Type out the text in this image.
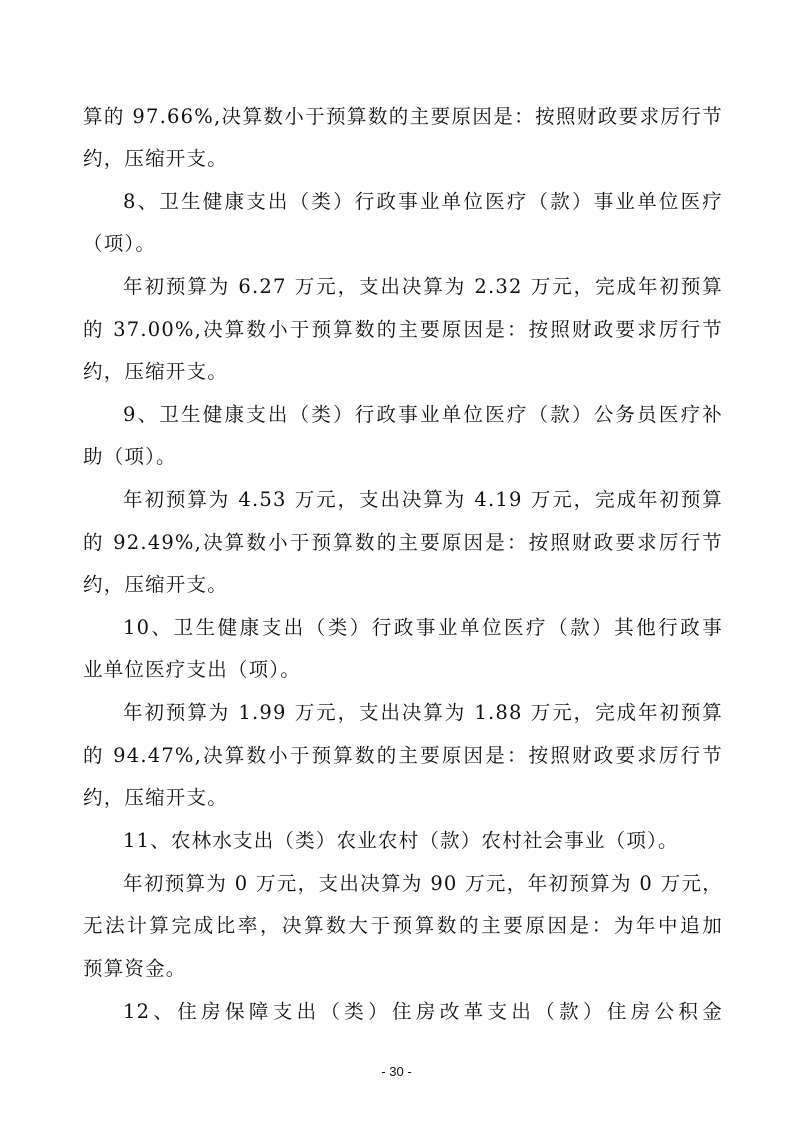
算的 97.66%,决算数小于预算数的主要原因是：按照财政要求厉行节
约，压缩开支。
8、卫生健康支出（类）行政事业单位医疗（款）事业单位医疗
（项）。
年初预算为 6.27 万元，支出决算为 2.32 万元，完成年初预算
的 37.00%,决算数小于预算数的主要原因是：按照财政要求厉行节
约，压缩开支。
9、卫生健康支出（类）行政事业单位医疗（款）公务员医疗补
助（项）。
年初预算为 4.53 万元，支出决算为 4.19 万元，完成年初预算
的 92.49%,决算数小于预算数的主要原因是：按照财政要求厉行节
约，压缩开支。
10、卫生健康支出（类）行政事业单位医疗（款）其他行政事
业单位医疗支出（项）。
年初预算为 1.99 万元，支出决算为 1.88 万元，完成年初预算
的 94.47%,决算数小于预算数的主要原因是：按照财政要求厉行节
约，压缩开支。
11、农林水支出（类）农业农村（款）农村社会事业（项）。
年初预算为 0 万元，支出决算为 90 万元，年初预算为 0 万元，
无法计算完成比率，决算数大于预算数的主要原因是：为年中追加
预算资金。
12、住房保障支出（类）住房改革支出（款）住房公积金
- 30 -
